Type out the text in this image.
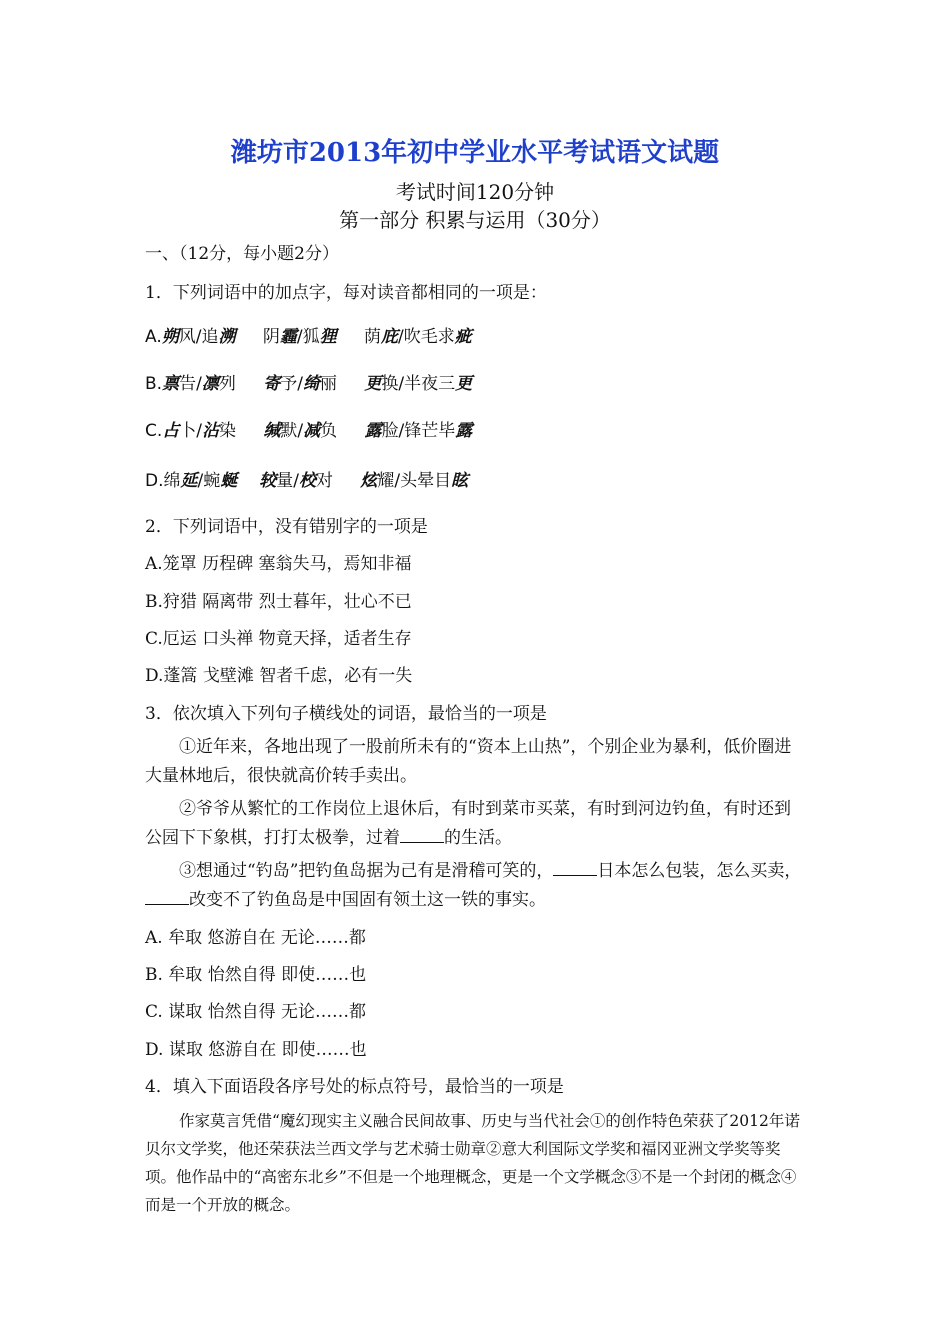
潍坊市2013年初中学业水平考试语文试题
考试时间120分钟
第一部分 积累与运用（30分）
一、（12分，每小题2分）
1．下列词语中的加点字，每对读音都相同的一项是：
A.朔风/追溯 阴霾/狐狸 荫庇/吹毛求疵
B.禀告/凛列 寄予/绮丽 更换/半夜三更
C.占卜/沾染 缄默/减负 露脸/锋芒毕露
D.绵延/蜿蜒 较量/校对 炫耀/头晕目眩
2．下列词语中，没有错别字的一项是
A.笼罩 历程碑 塞翁失马，焉知非福
B.狩猎 隔离带 烈士暮年，壮心不已
C.厄运 口头禅 物竟天择，适者生存
D.蓬篙 戈壁滩 智者千虑，必有一失
3．依次填入下列句子横线处的词语，最恰当的一项是
①近年来，各地出现了一股前所未有的“资本上山热”，个别企业为暴利，低价圈进大量林地后，很快就高价转手卖出。
②爷爷从繁忙的工作岗位上退休后，有时到菜市买菜，有时到河边钓鱼，有时还到公园下下象棋，打打太极拳，过着	的生活。
③想通过“钓岛”把钓鱼岛据为己有是滑稽可笑的，	日本怎么包装，怎么买卖，改变不了钓鱼岛是中国固有领土这一铁的事实。
A. 牟取 悠游自在 无论……都
B. 牟取 怡然自得 即使……也
C. 谋取 怡然自得 无论……都
D. 谋取 悠游自在 即使……也
4．填入下面语段各序号处的标点符号，最恰当的一项是
作家莫言凭借“魔幻现实主义融合民间故事、历史与当代社会①的创作特色荣获了2012年诺贝尔文学奖，他还荣获法兰西文学与艺术骑士勋章②意大利国际文学奖和福冈亚洲文学奖等奖项。他作品中的“高密东北乡”不但是一个地理概念，更是一个文学概念③不是一个封闭的概念④而是一个开放的概念。
